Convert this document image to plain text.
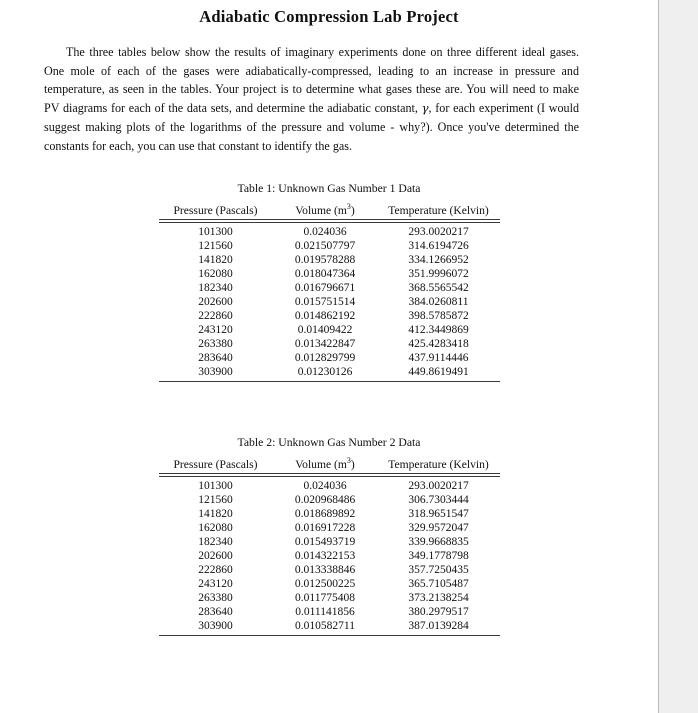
Adiabatic Compression Lab Project

The three tables below show the results of imaginary experiments done on three different ideal gases. One mole of each of the gases were adiabatically-compressed, leading to an increase in pressure and temperature, as seen in the tables. Your project is to determine what gases these are. You will need to make PV diagrams for each of the data sets, and determine the adiabatic constant, γ, for each experiment (I would suggest making plots of the logarithms of the pressure and volume - why?). Once you've determined the constants for each, you can use that constant to identify the gas.

Table 1: Unknown Gas Number 1 Data
Pressure (Pascals)	Volume $(m^3)$	Temperature (Kelvin)

101300	0.024036	293.0020217
121560	0.021507797	314.6194726
141820	0.019578288	334.1266952
162080	0.018047364	351.9996072
182340	0.016796671	368.5565542
202600	0.015751514	384.0260811
222860	0.014862192	398.5785872
243120	0.01409422	412.3449869
263380	0.013422847	425.4283418
283640	0.012829799	437.9114446
303900	0.01230126	449.8619491
Table 2: Unknown Gas Number 2 Data
Pressure (Pascals)	Volume $(m^3)$	Temperature (Kelvin)

101300	0.024036	293.0020217
121560	0.020968486	306.7303444
141820	0.018689892	318.9651547
162080	0.016917228	329.9572047
182340	0.015493719	339.9668835
202600	0.014322153	349.1778798
222860	0.013338846	357.7250435
243120	0.012500225	365.7105487
263380	0.011775408	373.2138254
283640	0.011141856	380.2979517
303900	0.010582711	387.0139284
